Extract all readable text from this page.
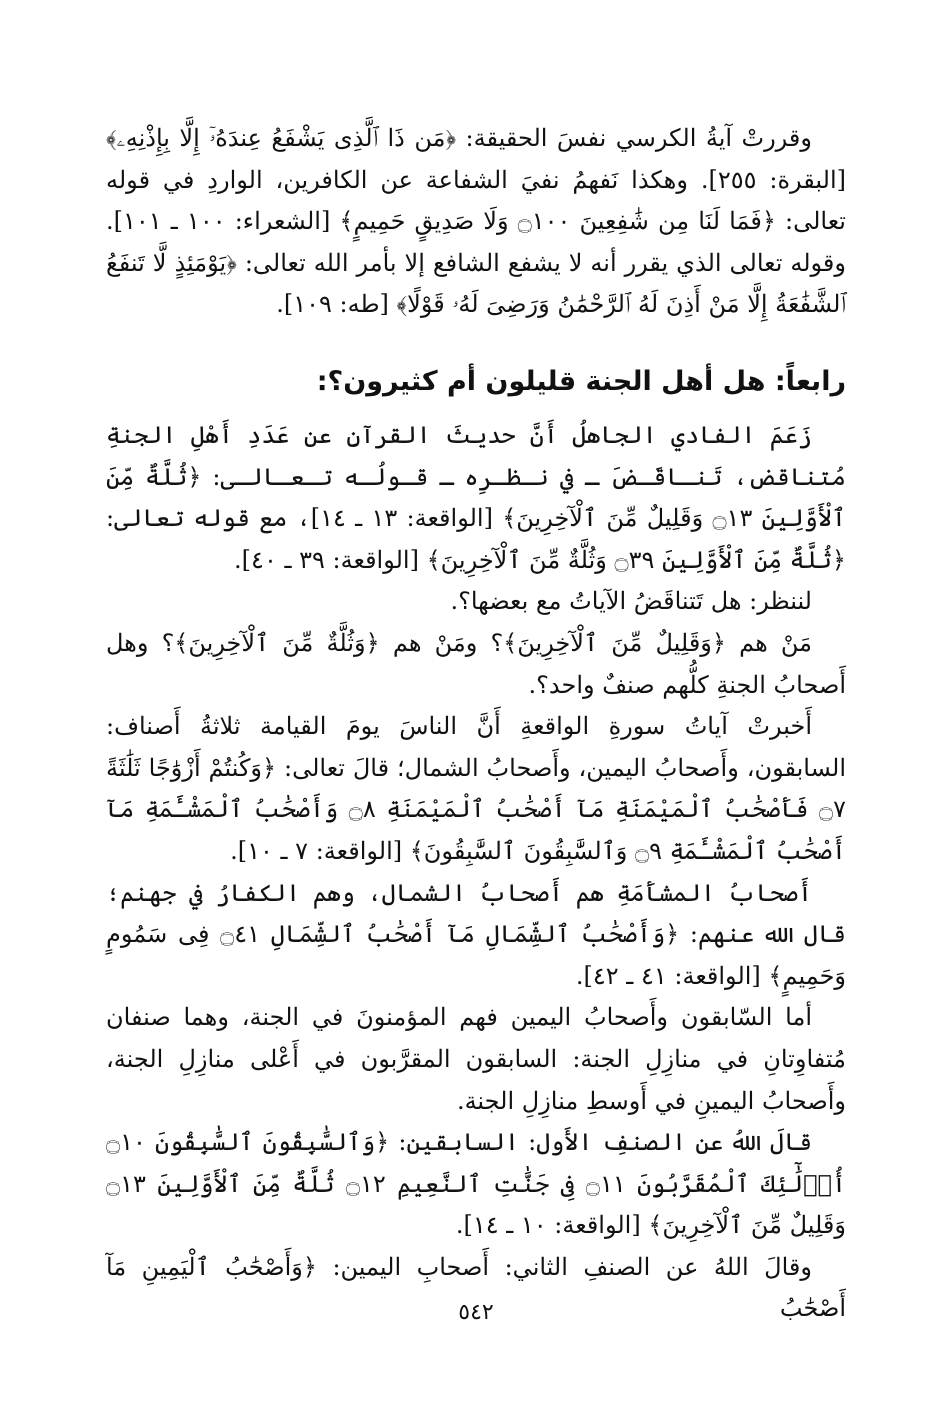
وقررتْ آيةُ الكرسي نفسَ الحقيقة: ﴿مَن ذَا ٱلَّذِى يَشْفَعُ عِندَهُۥٓ إِلَّا بِإِذْنِهِۦ﴾ [البقرة: ٢٥٥]. وهكذا نَفهمُ نفيَ الشفاعة عن الكافرين، الواردِ في قوله تعالى: ﴿فَمَا لَنَا مِن شَٰفِعِينَ ۝١٠٠ وَلَا صَدِيقٍ حَمِيمٍ﴾ [الشعراء: ١٠٠ ـ ١٠١]. وقوله تعالى الذي يقرر أنه لا يشفع الشافع إلا بأمر الله تعالى: ﴿يَوْمَئِذٍ لَّا تَنفَعُ ٱلشَّفَٰعَةُ إِلَّا مَنْ أَذِنَ لَهُ ٱلرَّحْمَٰنُ وَرَضِىَ لَهُۥ قَوْلًا﴾ [طه: ١٠٩].

رابعاً: هل أهل الجنة قليلون أم كثيرون؟:

زَعَمَ الفادي الجاهلُ أَنَّ حديثَ القرآنِ عن عَدَدِ أَهْلِ الجنةِ مُتناقض، تَنـاقَـضَ ـ في نـظـرِه ـ قـولُـه تـعـالـى: ﴿ثُلَّةٌ مِّنَ ٱلْأَوَّلِينَ ۝١٣ وَقَلِيلٌ مِّنَ ٱلْآخِرِينَ﴾ [الواقعة: ١٣ ـ ١٤]، مع قوله تعالى: ﴿ثُلَّةٌ مِّنَ ٱلْأَوَّلِينَ ۝٣٩ وَثُلَّةٌ مِّنَ ٱلْآخِرِينَ﴾ [الواقعة: ٣٩ ـ ٤٠].

لننظر: هل تَتناقَضُ الآياتُ مع بعضها؟.

مَنْ هم ﴿وَقَلِيلٌ مِّنَ ٱلْآخِرِينَ﴾؟ ومَنْ هم ﴿وَثُلَّةٌ مِّنَ ٱلْآخِرِينَ﴾؟ وهل أَصحابُ الجنةِ كلُّهم صنفٌ واحد؟.

أَخبرتْ آياتُ سورةِ الواقعةِ أَنَّ الناسَ يومَ القيامة ثلاثةُ أَصناف: السابقون، وأَصحابُ اليمين، وأَصحابُ الشمال؛ قالَ تعالى: ﴿وَكُنتُمْ أَزْوَٰجًا ثَلَٰثَةً ۝٧ فَأَصْحَٰبُ ٱلْمَيْمَنَةِ مَآ أَصْحَٰبُ ٱلْمَيْمَنَةِ ۝٨ وَأَصْحَٰبُ ٱلْمَشْـَٔمَةِ مَآ أَصْحَٰبُ ٱلْمَشْـَٔمَةِ ۝٩ وَٱلسَّٰبِقُونَ ٱلسَّٰبِقُونَ﴾ [الواقعة: ٧ ـ ١٠].

أَصحابُ المشأَمَةِ هم أَصحابُ الشمال، وهم الكفارُ في جهنم؛ قال الله عنهم: ﴿وَأَصْحَٰبُ ٱلشِّمَالِ مَآ أَصْحَٰبُ ٱلشِّمَالِ ۝٤١ فِى سَمُومٍ وَحَمِيمٍ﴾ [الواقعة: ٤١ ـ ٤٢].

أما السّابقون وأَصحابُ اليمين فهم المؤمنونَ في الجنة، وهما صنفان مُتفاوِتانِ في منازِلِ الجنة: السابقون المقرَّبون في أَعْلى منازِلِ الجنة، وأَصحابُ اليمينِ في أَوسطِ منازِلِ الجنة.

قالَ اللهُ عن الصنفِ الأَول: السابقين: ﴿وَٱلسَّٰبِقُونَ ٱلسَّٰبِقُونَ ۝١٠ أُو۟لَٰٓئِكَ ٱلْمُقَرَّبُونَ ۝١١ فِى جَنَّٰتِ ٱلنَّعِيمِ ۝١٢ ثُلَّةٌ مِّنَ ٱلْأَوَّلِينَ ۝١٣ وَقَلِيلٌ مِّنَ ٱلْآخِرِينَ﴾ [الواقعة: ١٠ ـ ١٤].

وقالَ اللهُ عن الصنفِ الثاني: أَصحابِ اليمين: ﴿وَأَصْحَٰبُ ٱلْيَمِينِ مَآ أَصْحَٰبُ

٥٤٢
